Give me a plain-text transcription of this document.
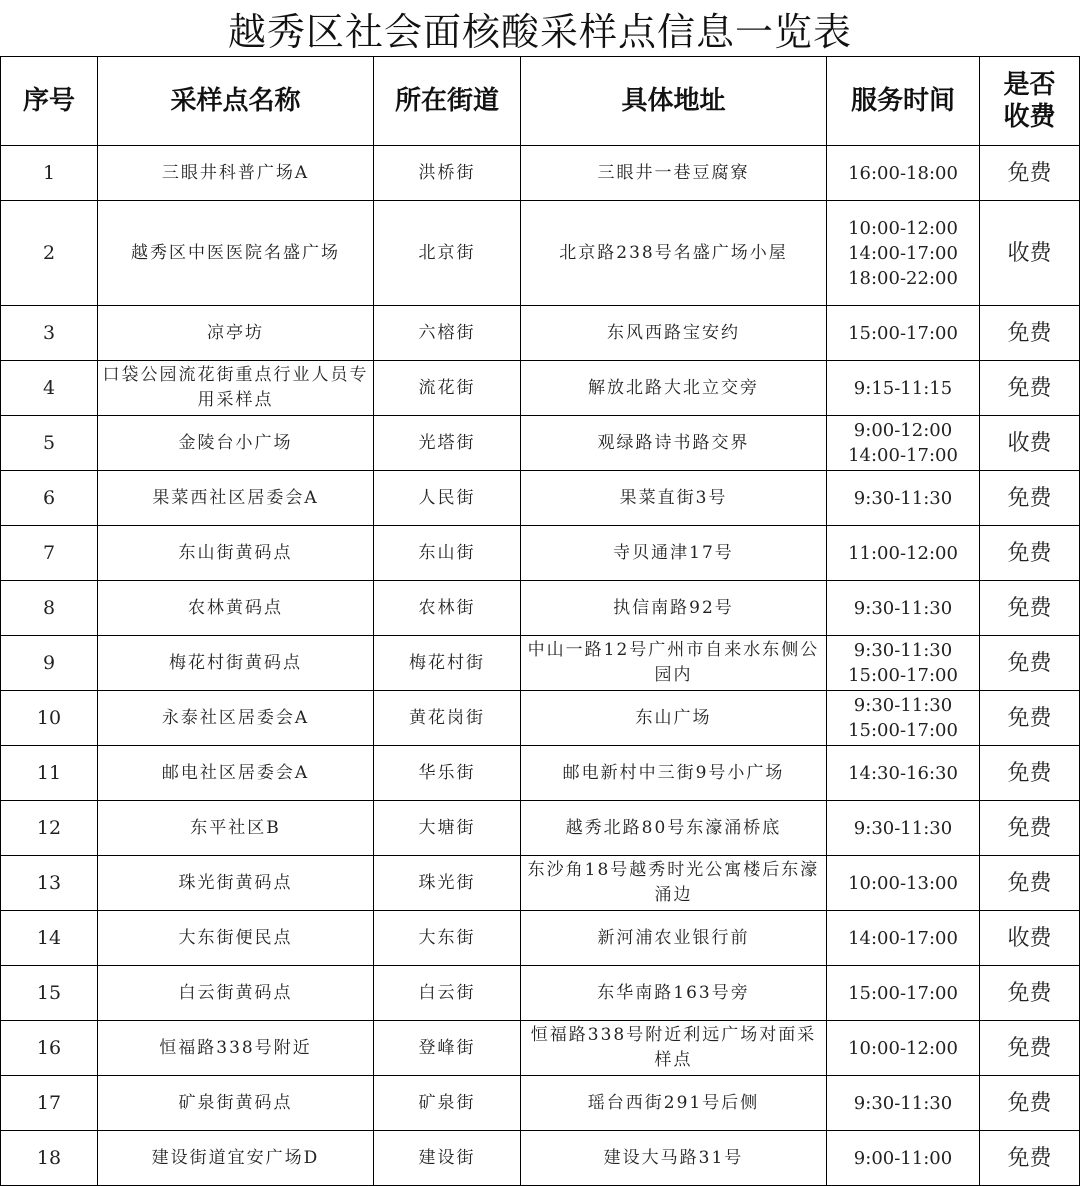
越秀区社会面核酸采样点信息一览表
序号	采样点名称	所在街道	具体地址	服务时间	是否
收费

1	三眼井科普广场A	洪桥街	三眼井一巷豆腐寮	16:00-18:00	免费
2	越秀区中医医院名盛广场	北京街	北京路238号名盛广场小屋	10:00-12:00
14:00-17:00
18:00-22:00	收费
3	凉亭坊	六榕街	东风西路宝安约	15:00-17:00	免费
4	口袋公园流花街重点行业人员专用采样点	流花街	解放北路大北立交旁	9:15-11:15	免费
5	金陵台小广场	光塔街	观绿路诗书路交界	9:00-12:00
14:00-17:00	收费
6	果菜西社区居委会A	人民街	果菜直街3号	9:30-11:30	免费
7	东山街黄码点	东山街	寺贝通津17号	11:00-12:00	免费
8	农林黄码点	农林街	执信南路92号	9:30-11:30	免费
9	梅花村街黄码点	梅花村街	中山一路12号广州市自来水东侧公园内	9:30-11:30
15:00-17:00	免费
10	永泰社区居委会A	黄花岗街	东山广场	9:30-11:30
15:00-17:00	免费
11	邮电社区居委会A	华乐街	邮电新村中三街9号小广场	14:30-16:30	免费
12	东平社区B	大塘街	越秀北路80号东濠涌桥底	9:30-11:30	免费
13	珠光街黄码点	珠光街	东沙角18号越秀时光公寓楼后东濠涌边	10:00-13:00	免费
14	大东街便民点	大东街	新河浦农业银行前	14:00-17:00	收费
15	白云街黄码点	白云街	东华南路163号旁	15:00-17:00	免费
16	恒福路338号附近	登峰街	恒福路338号附近利远广场对面采样点	10:00-12:00	免费
17	矿泉街黄码点	矿泉街	瑶台西街291号后侧	9:30-11:30	免费
18	建设街道宜安广场D	建设街	建设大马路31号	9:00-11:00	免费
